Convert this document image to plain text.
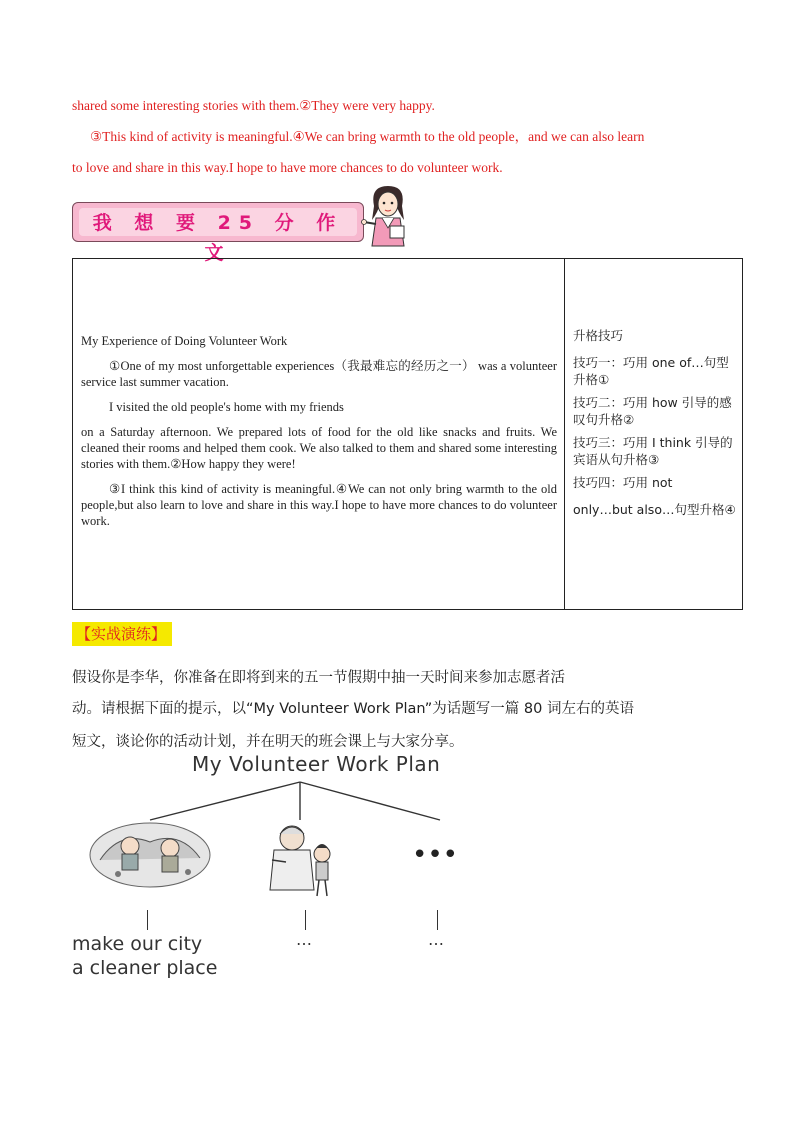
shared some interesting stories with them.②They were very happy.
③This kind of activity is meaningful.④We can bring warmth to the old people，and we can also learn
to love and share in this way.I hope to have more chances to do volunteer work.
我 想 要 25 分 作 文

My Experience of Doing Volunteer Work

①One of my most unforgettable experiences（我最难忘的经历之一） was a volunteer service last summer vacation.

I visited the old people's home with my friends

on a Saturday afternoon. We prepared lots of food for the old like snacks and fruits. We cleaned their rooms and helped them cook. We also talked to them and shared some interesting stories with them.②How happy they were!

③I think this kind of activity is meaningful.④We can not only bring warmth to the old people,but also learn to love and share in this way.I hope to have more chances to do volunteer work.

升格技巧
技巧一：巧用 one of…句型升格①
技巧二：巧用 how 引导的感叹句升格②
技巧三：巧用 I think 引导的宾语从句升格③
技巧四：巧用 not
only…but also…句型升格④
【实战演练】
假设你是李华，你准备在即将到来的五一节假期中抽一天时间来参加志愿者活
动。请根据下面的提示，以“My Volunteer Work Plan”为话题写一篇 80 词左右的英语
短文，谈论你的活动计划，并在明天的班会课上与大家分享。
•••
My Volunteer Work Plan
make our city
a cleaner place
…	…
